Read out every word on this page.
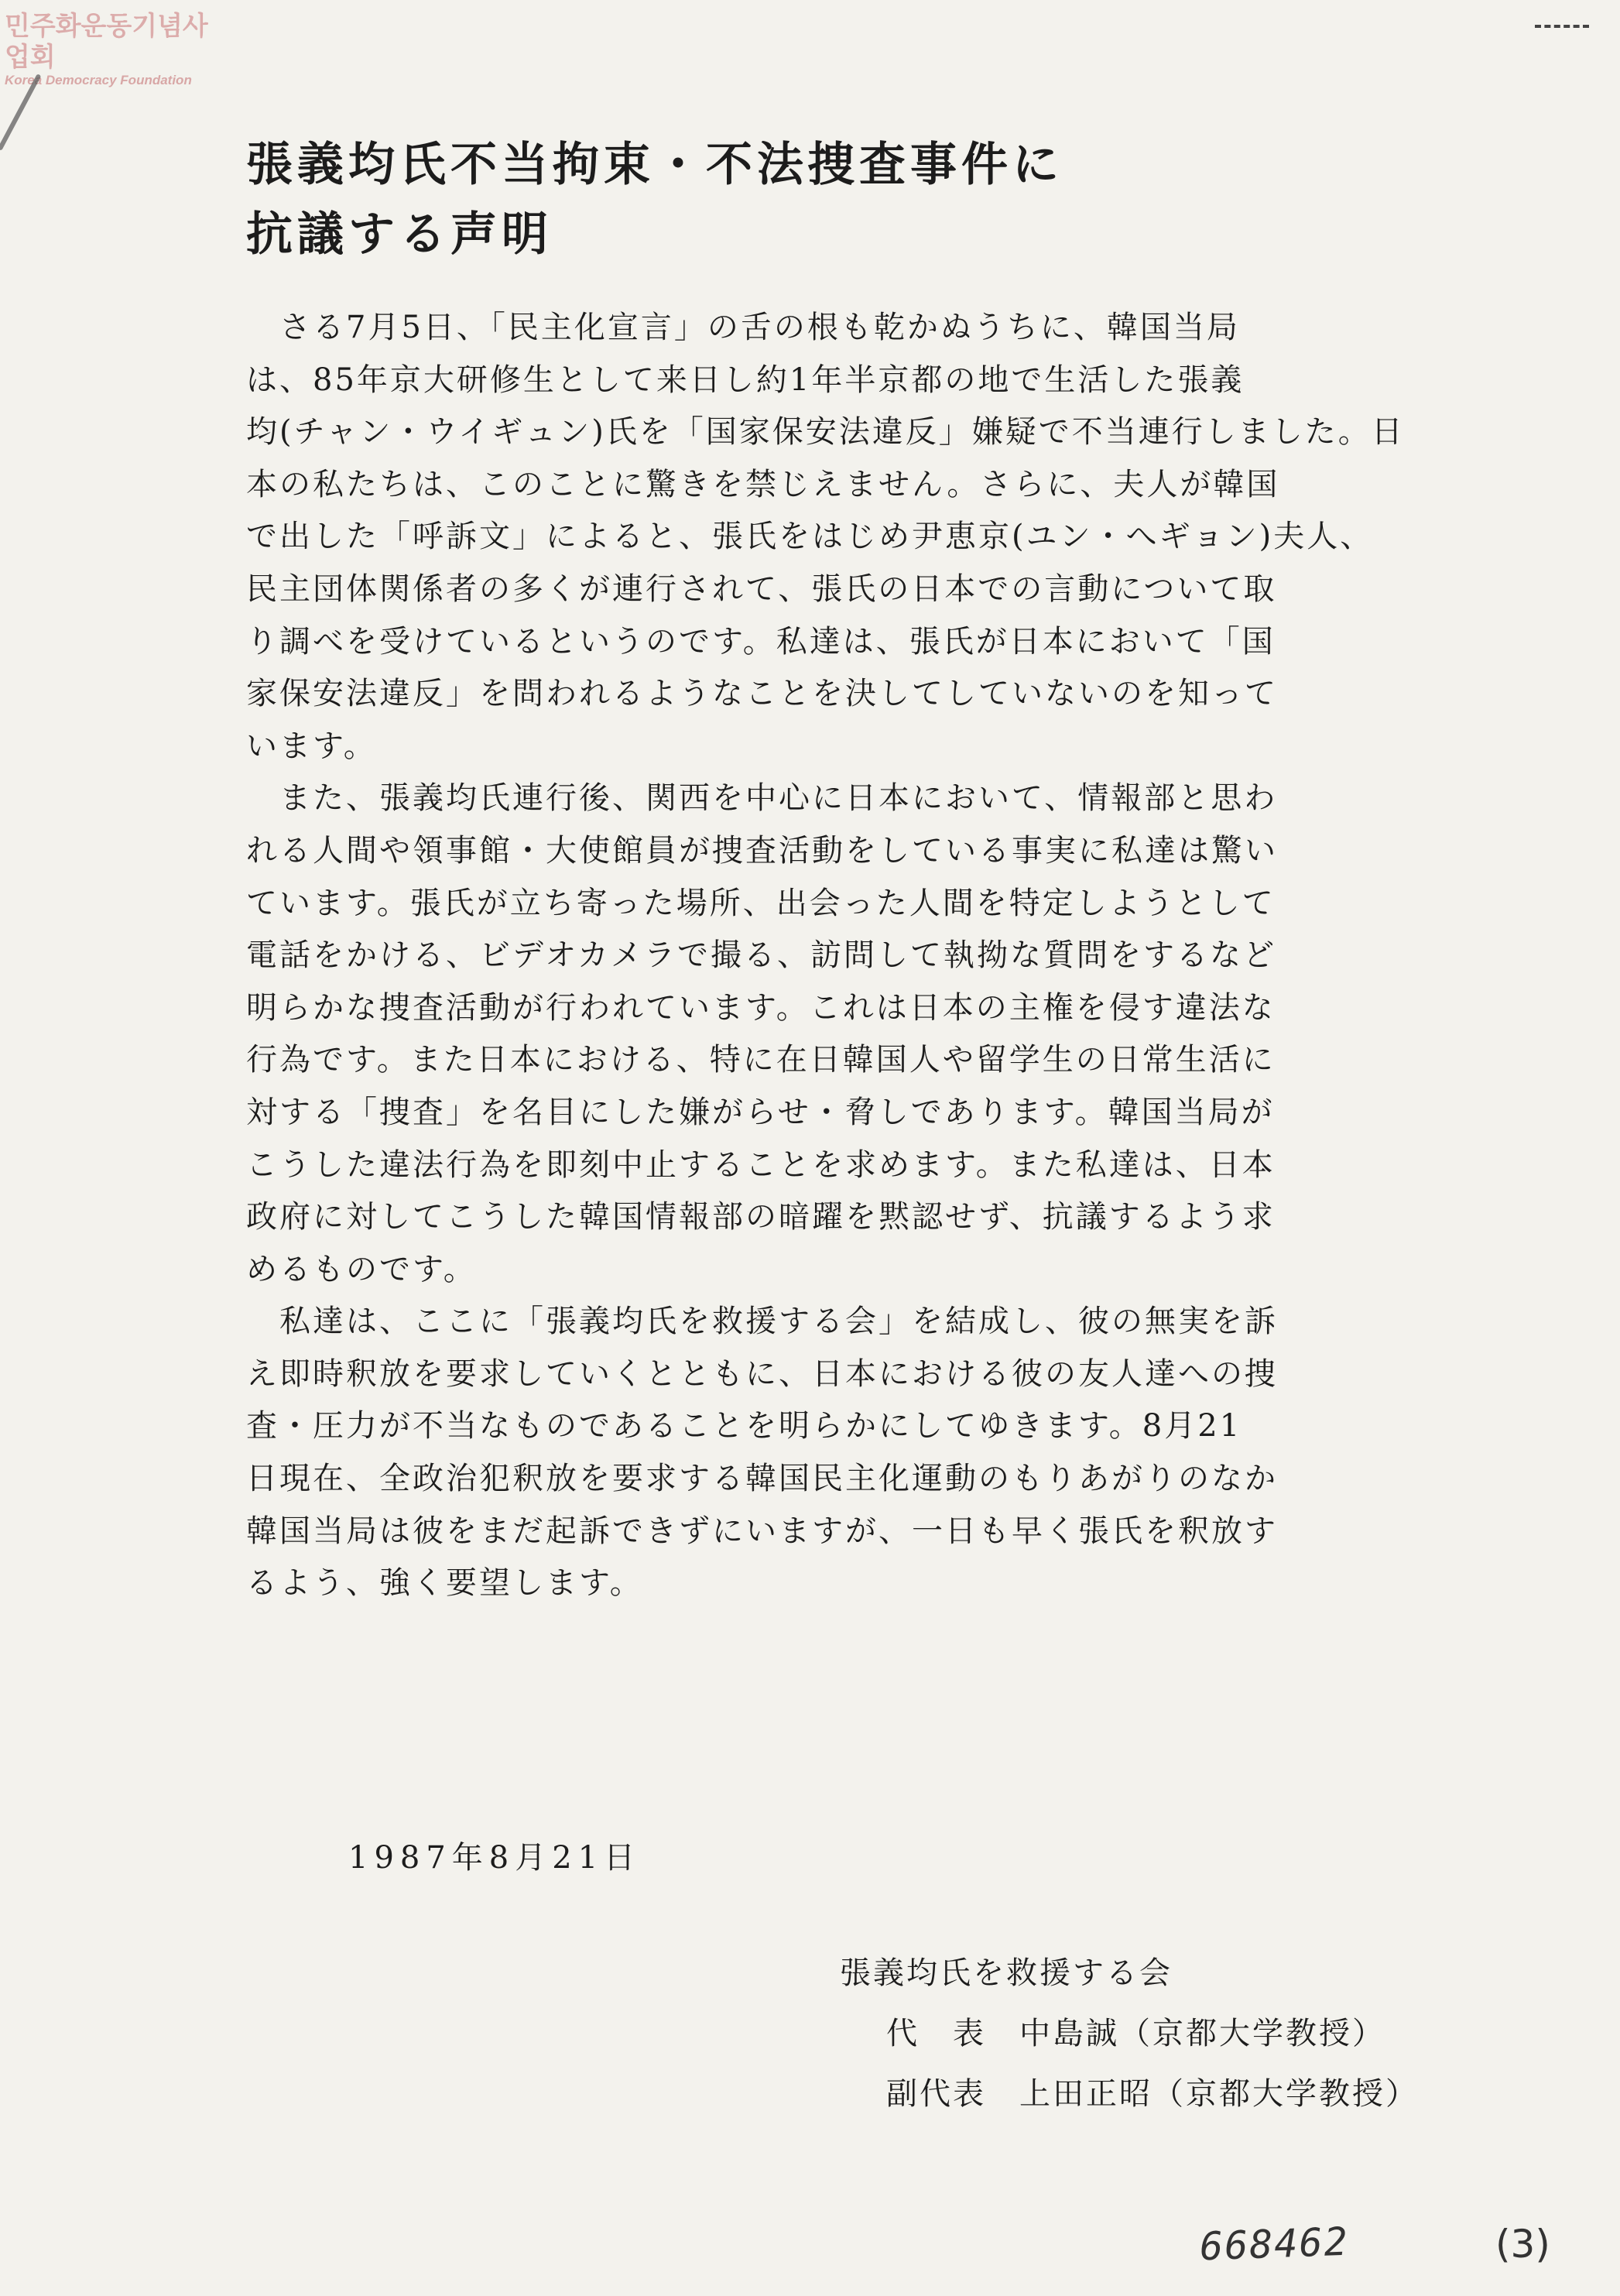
민주화운동기념사업회
Korea Democracy Foundation
張義均氏不当拘束・不法捜査事件に
抗議する声明
　さる7月5日、「民主化宣言」の舌の根も乾かぬうちに、韓国当局
は、85年京大研修生として来日し約1年半京都の地で生活した張義
均(チャン・ウイギュン)氏を「国家保安法違反」嫌疑で不当連行しました。日
本の私たちは、このことに驚きを禁じえません。さらに、夫人が韓国
で出した「呼訴文」によると、張氏をはじめ尹恵京(ユン・へギョン)夫人、
民主団体関係者の多くが連行されて、張氏の日本での言動について取
り調べを受けているというのです。私達は、張氏が日本において「国
家保安法違反」を問われるようなことを決してしていないのを知って
います。
　また、張義均氏連行後、関西を中心に日本において、情報部と思わ
れる人間や領事館・大使館員が捜査活動をしている事実に私達は驚い
ています。張氏が立ち寄った場所、出会った人間を特定しようとして
電話をかける、ビデオカメラで撮る、訪問して執拗な質問をするなど
明らかな捜査活動が行われています。これは日本の主権を侵す違法な
行為です。また日本における、特に在日韓国人や留学生の日常生活に
対する「捜査」を名目にした嫌がらせ・脅しであります。韓国当局が
こうした違法行為を即刻中止することを求めます。また私達は、日本
政府に対してこうした韓国情報部の暗躍を黙認せず、抗議するよう求
めるものです。
　私達は、ここに「張義均氏を救援する会」を結成し、彼の無実を訴
え即時釈放を要求していくとともに、日本における彼の友人達への捜
査・圧力が不当なものであることを明らかにしてゆきます。8月21
日現在、全政治犯釈放を要求する韓国民主化運動のもりあがりのなか
韓国当局は彼をまだ起訴できずにいますが、一日も早く張氏を釈放す
るよう、強く要望します。
1987年8月21日
張義均氏を救援する会
代　表　中島誠（京都大学教授）
副代表　上田正昭（京都大学教授）
668462	(3)
